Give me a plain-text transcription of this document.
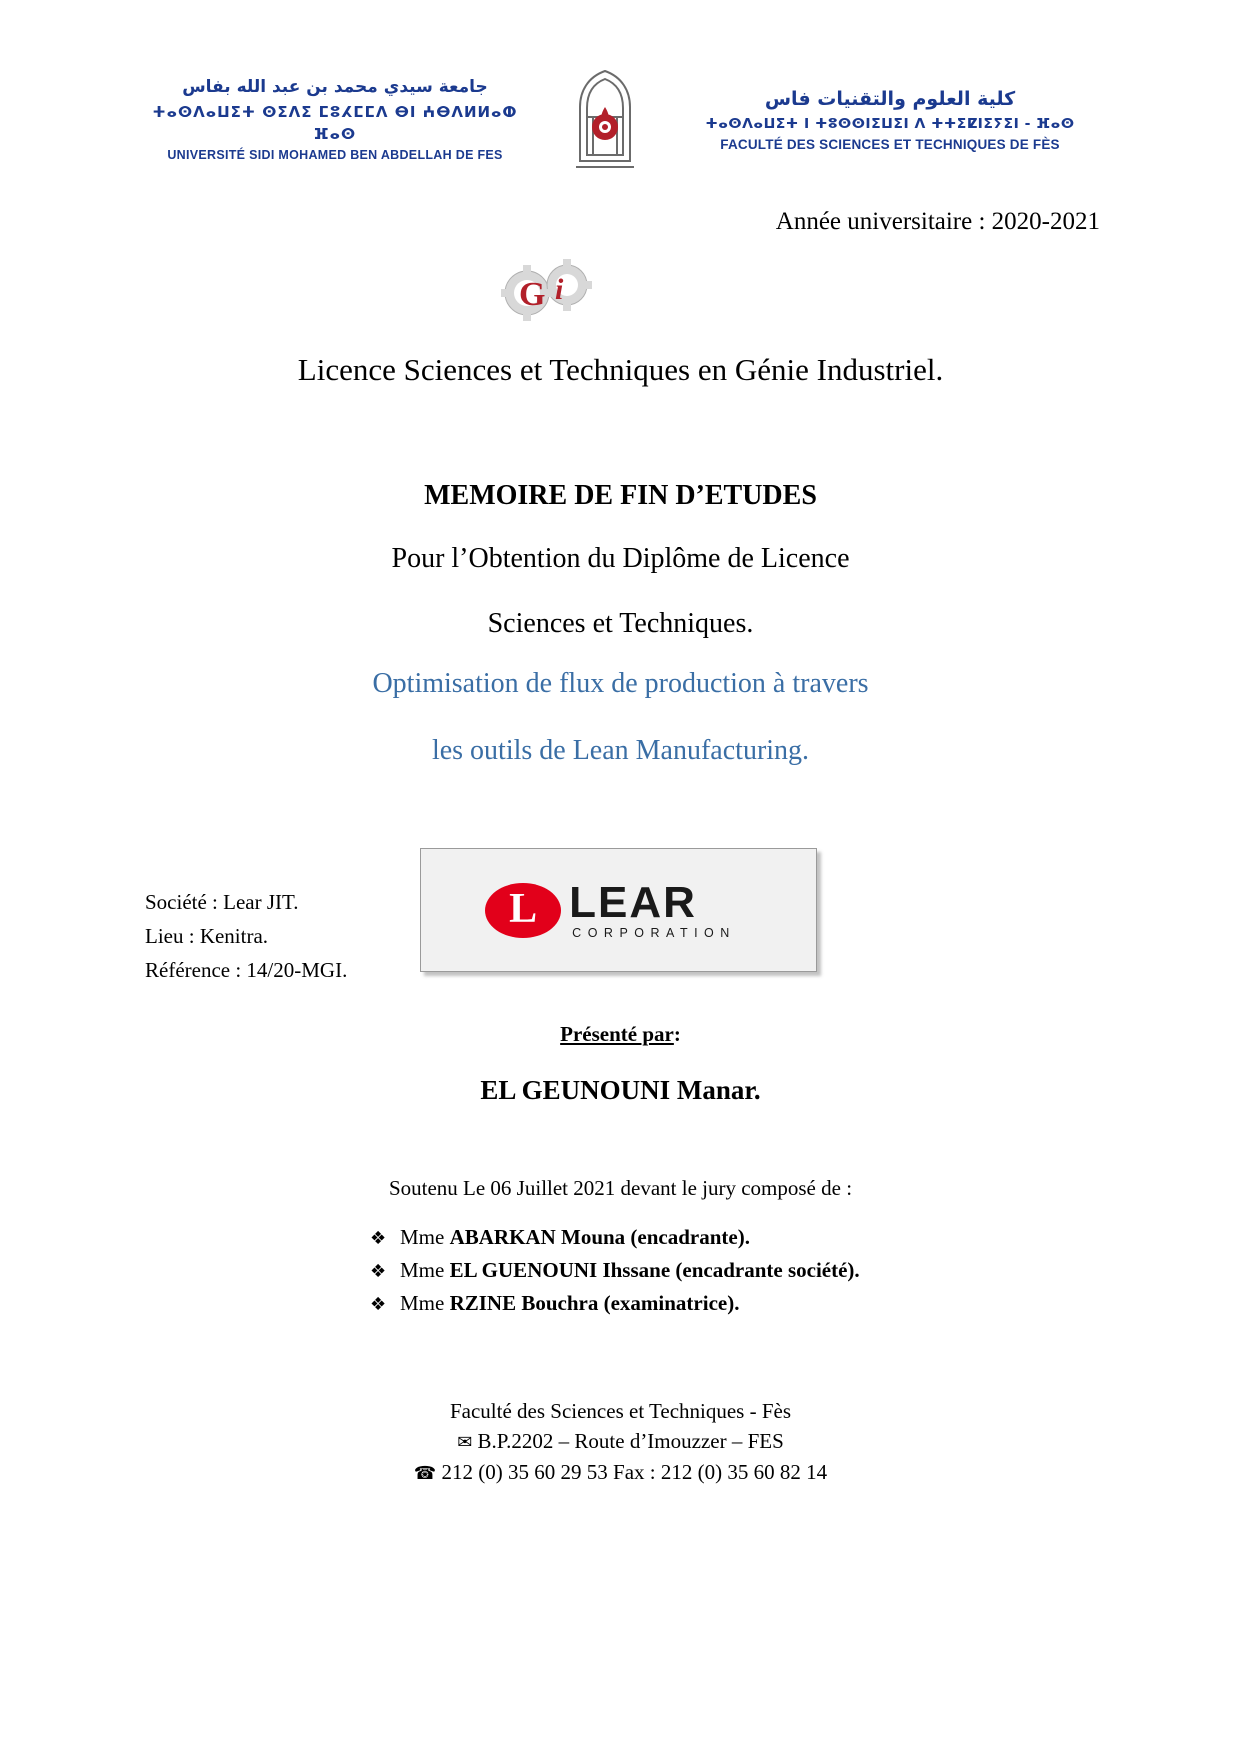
جامعة سيدي محمد بن عبد الله بفاس
ⵜⴰⵙⴷⴰⵡⵉⵜ ⵙⵉⴷⵉ ⵎⵓⵃⵎⵎⴷ ⴱⵏ ⵄⴱⴷⵍⵍⴰⵀ ⴼⴰⵙ
UNIVERSITÉ SIDI MOHAMED BEN ABDELLAH DE FES
كلية العلوم والتقنيات فاس
ⵜⴰⵙⴷⴰⵡⵉⵜ ⵏ ⵜⵓⵙⵙⵏⵉⵡⵉⵏ ⴷ ⵜⵜⵉⵇⵏⵉⵢⵉⵏ - ⴼⴰⵙ
FACULTÉ DES SCIENCES ET TECHNIQUES DE FÈS
Année universitaire : 2020-2021
G i
Licence Sciences et Techniques en Génie Industriel.
MEMOIRE DE FIN D’ETUDES
Pour l’Obtention du Diplôme de Licence
Sciences et Techniques.
Optimisation de flux de production à travers
les outils de Lean Manufacturing.
Société : Lear JIT.
Lieu : Kenitra.
Référence : 14/20-MGI.
L
LEAR
CORPORATION
Présenté par:
EL GEUNOUNI Manar.
Soutenu Le 06 Juillet 2021 devant le jury composé de :
❖ Mme ABARKAN Mouna (encadrante).
❖ Mme EL GUENOUNI Ihssane (encadrante société).
❖ Mme RZINE Bouchra (examinatrice).
Faculté des Sciences et Techniques - Fès
✉ B.P.2202 – Route d’Imouzzer – FES
☎ 212 (0) 35 60 29 53 Fax : 212 (0) 35 60 82 14
